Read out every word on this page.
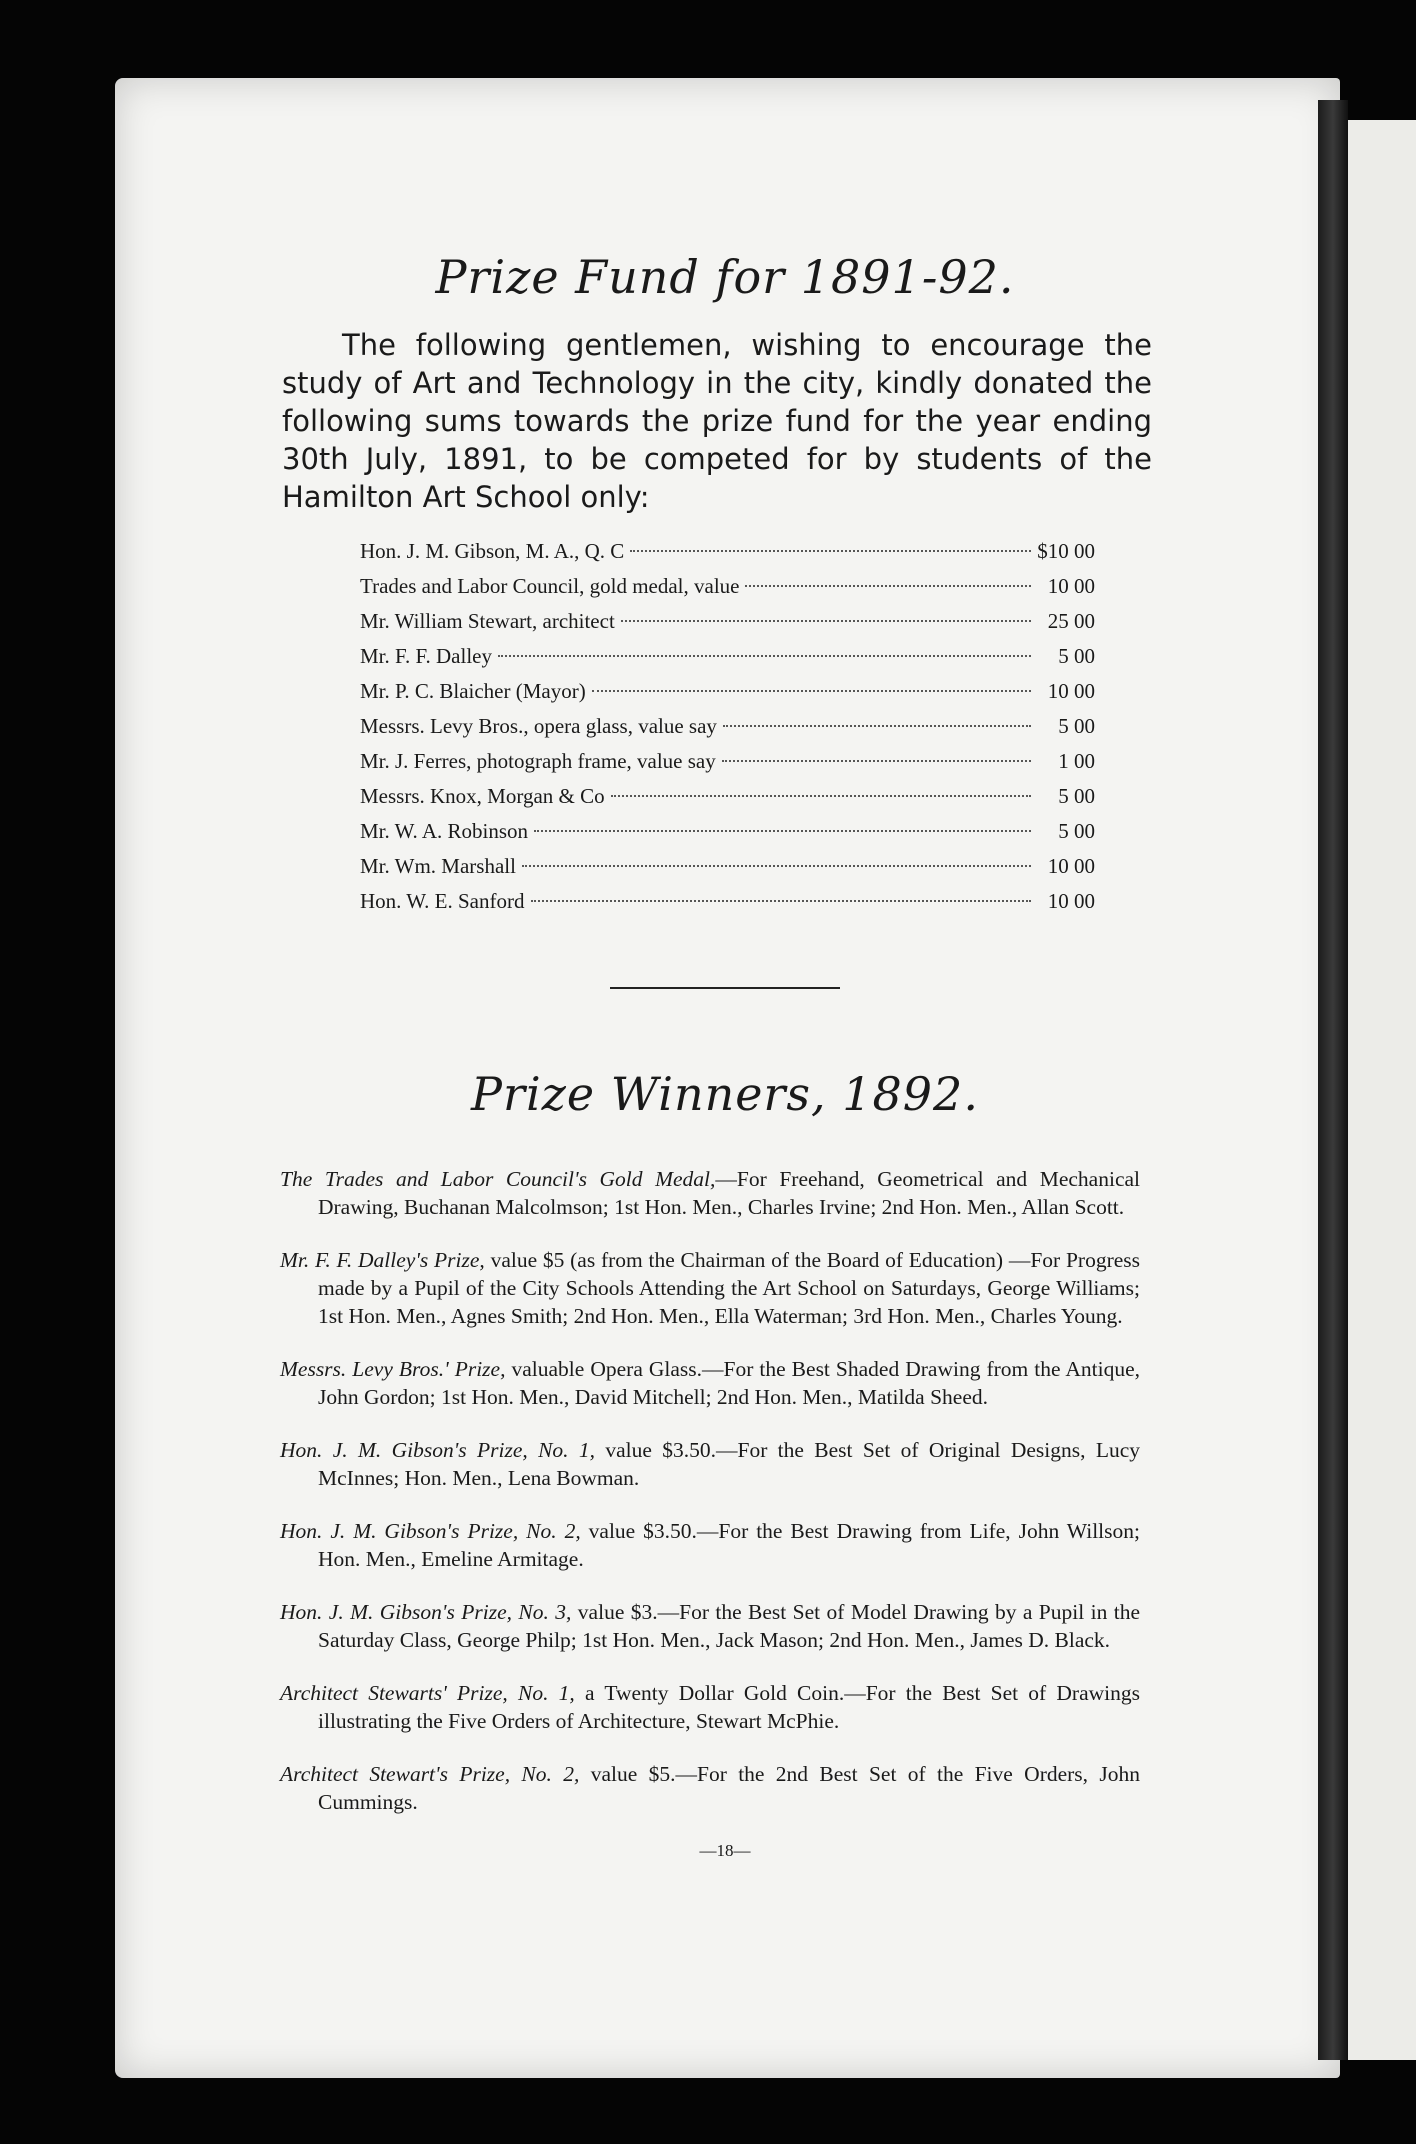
Prize Fund for 1891-92.

The following gentlemen, wishing to encourage the study of Art and Technology in the city, kindly donated the following sums towards the prize fund for the year ending 30th July, 1891, to be competed for by students of the Hamilton Art School only:

Hon. J. M. Gibson, M. A., Q. C	$10 00
Trades and Labor Council, gold medal, value	10 00
Mr. William Stewart, architect	25 00
Mr. F. F. Dalley	5 00
Mr. P. C. Blaicher (Mayor)	10 00
Messrs. Levy Bros., opera glass, value say	5 00
Mr. J. Ferres, photograph frame, value say	1 00
Messrs. Knox, Morgan & Co	5 00
Mr. W. A. Robinson	5 00
Mr. Wm. Marshall	10 00
Hon. W. E. Sanford	10 00
Prize Winners, 1892.

The Trades and Labor Council's Gold Medal,—For Freehand, Geometrical and Mechanical Drawing, Buchanan Malcolmson; 1st Hon. Men., Charles Irvine; 2nd Hon. Men., Allan Scott.

Mr. F. F. Dalley's Prize, value $5 (as from the Chairman of the Board of Education) —For Progress made by a Pupil of the City Schools Attending the Art School on Saturdays, George Williams; 1st Hon. Men., Agnes Smith; 2nd Hon. Men., Ella Waterman; 3rd Hon. Men., Charles Young.

Messrs. Levy Bros.' Prize, valuable Opera Glass.—For the Best Shaded Drawing from the Antique, John Gordon; 1st Hon. Men., David Mitchell; 2nd Hon. Men., Matilda Sheed.

Hon. J. M. Gibson's Prize, No. 1, value $3.50.—For the Best Set of Original Designs, Lucy McInnes; Hon. Men., Lena Bowman.

Hon. J. M. Gibson's Prize, No. 2, value $3.50.—For the Best Drawing from Life, John Willson; Hon. Men., Emeline Armitage.

Hon. J. M. Gibson's Prize, No. 3, value $3.—For the Best Set of Model Drawing by a Pupil in the Saturday Class, George Philp; 1st Hon. Men., Jack Mason; 2nd Hon. Men., James D. Black.

Architect Stewarts' Prize, No. 1, a Twenty Dollar Gold Coin.—For the Best Set of Drawings illustrating the Five Orders of Architecture, Stewart McPhie.

Architect Stewart's Prize, No. 2, value $5.—For the 2nd Best Set of the Five Orders, John Cummings.

—18—
